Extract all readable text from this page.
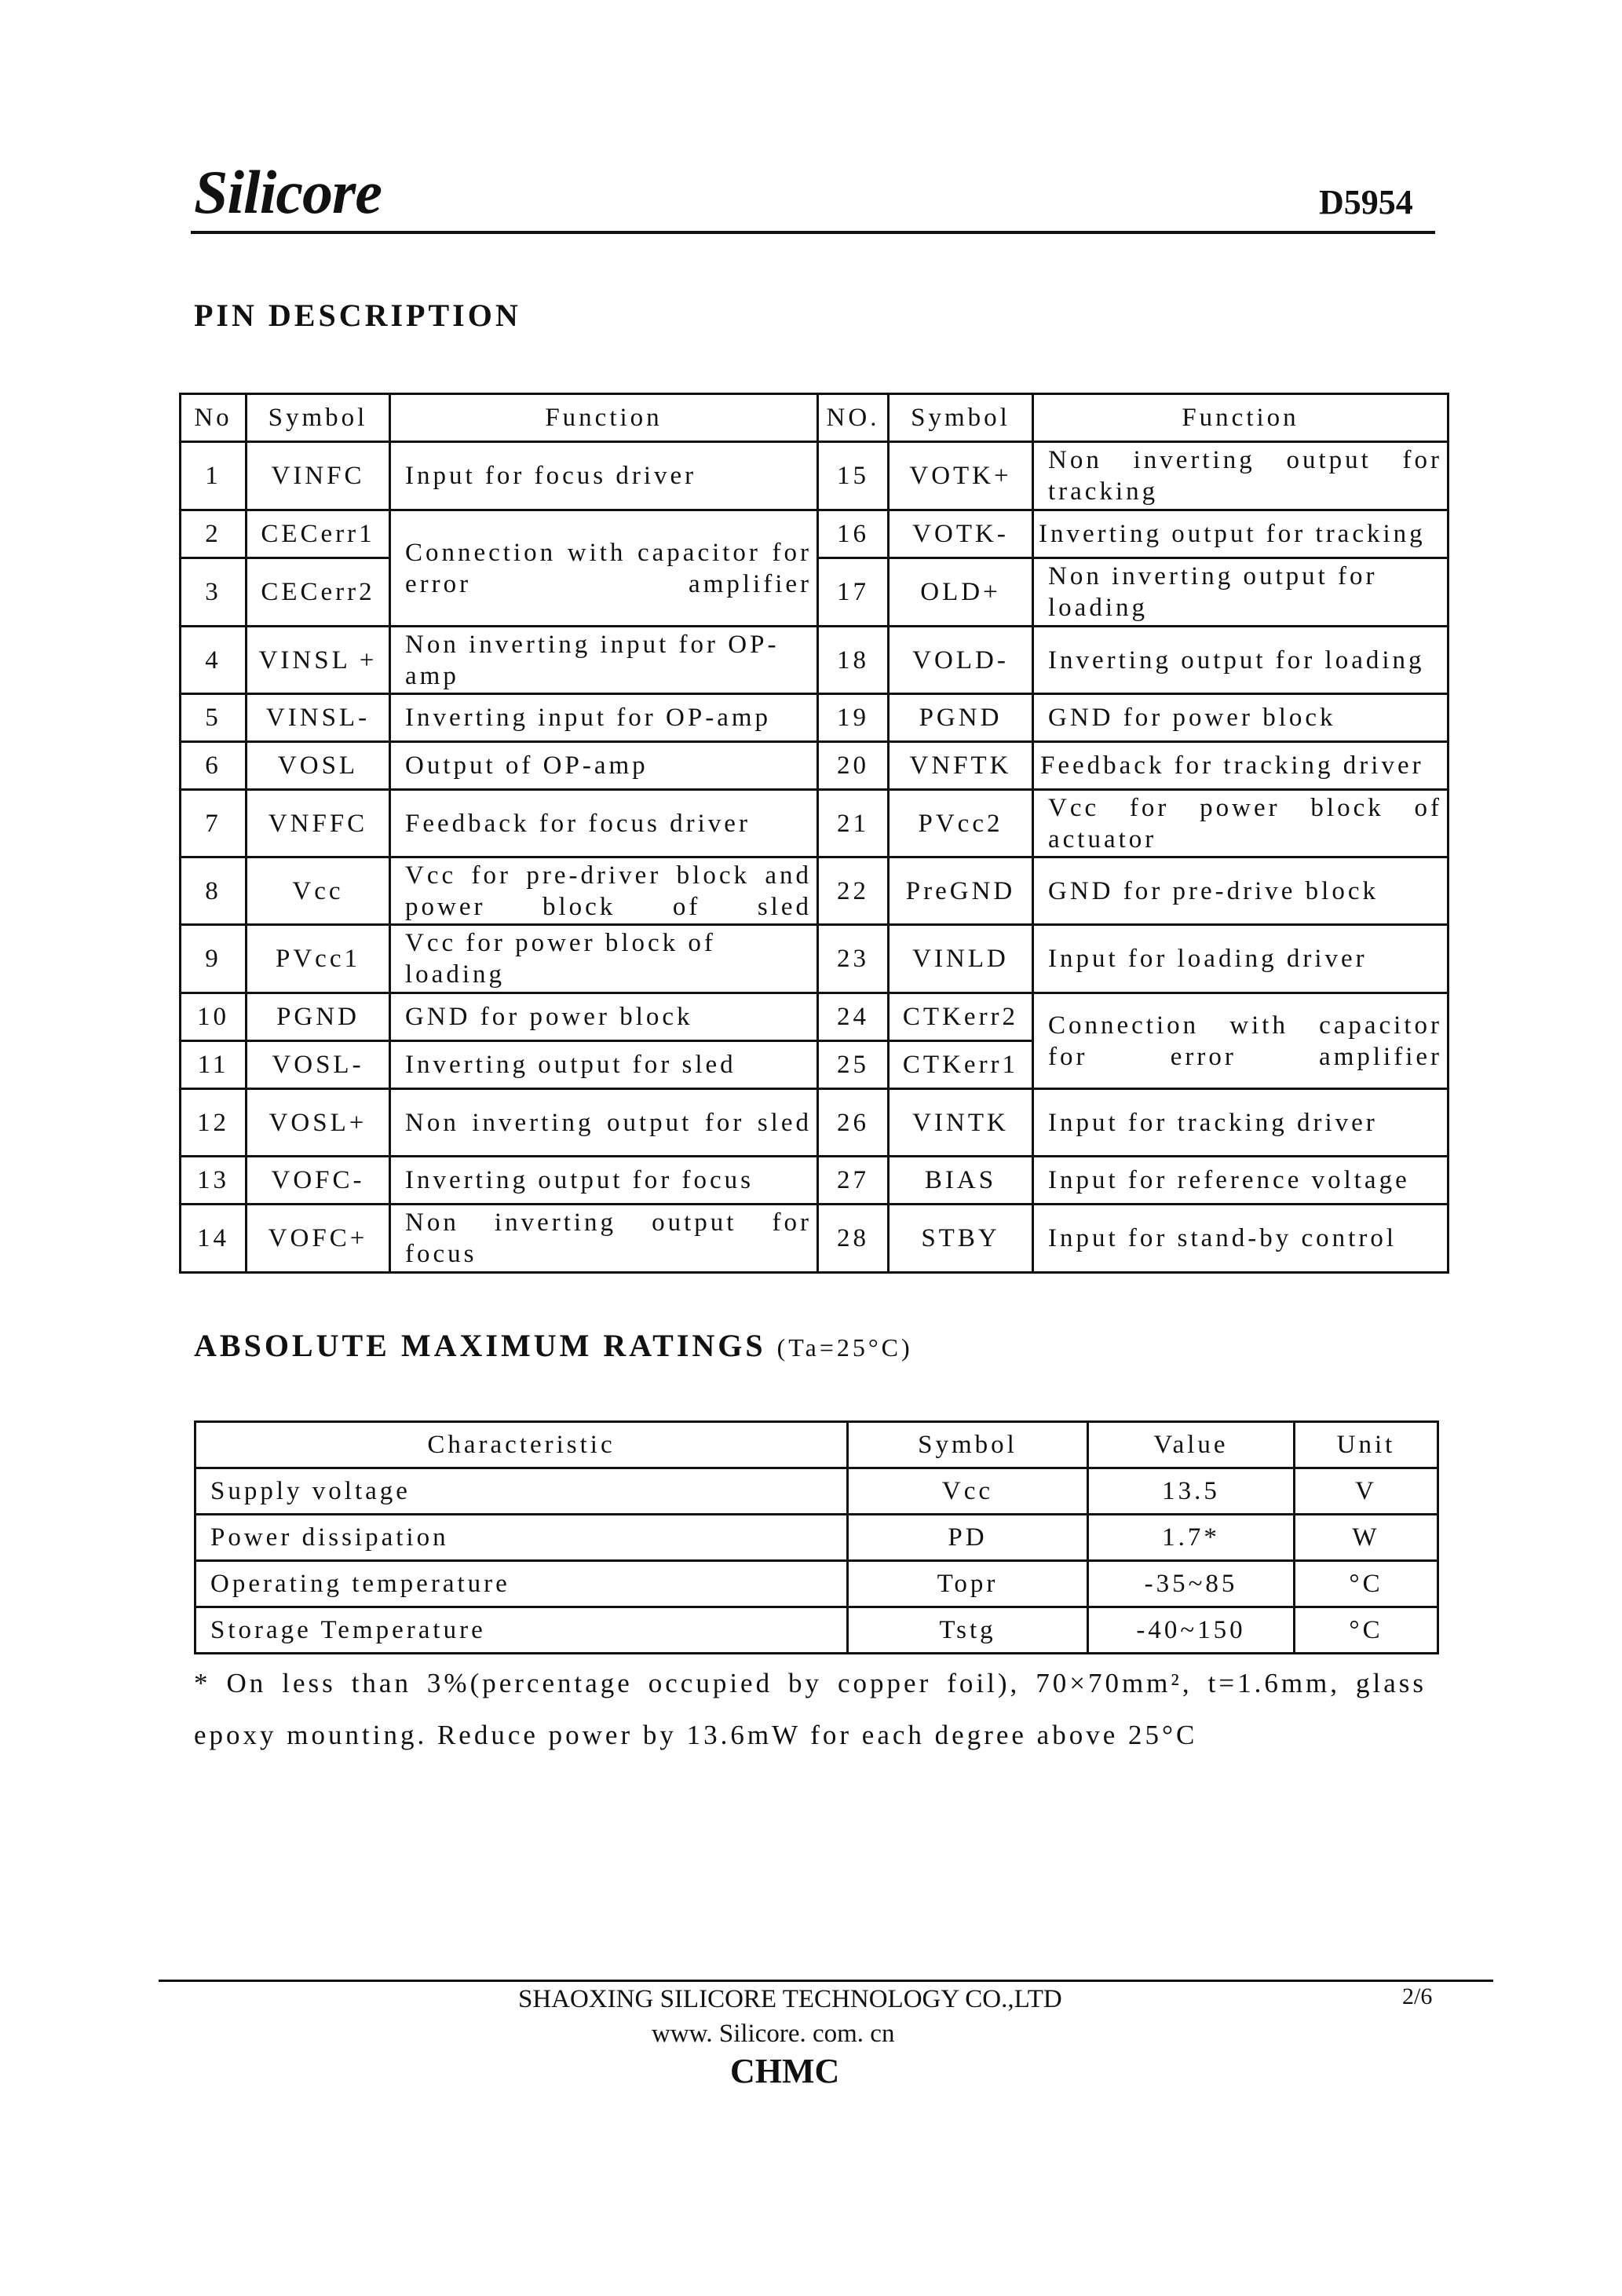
Silicore	D5954
PIN DESCRIPTION
No	Symbol	Function	NO.	Symbol	Function
1	VINFC	Input for focus driver	15	VOTK+	Non inverting output for tracking
2	CECerr1	Connection with capacitor for error amplifier	16	VOTK-	Inverting output for tracking
3	CECerr2		17	OLD+	Non inverting output for loading
4	VINSL +	Non inverting input for OP-amp	18	VOLD-	Inverting output for loading
5	VINSL-	Inverting input for OP-amp	19	PGND	GND for power block
6	VOSL	Output of OP-amp	20	VNFTK	Feedback for tracking driver
7	VNFFC	Feedback for focus driver	21	PVcc2	Vcc for power block of actuator
8	Vcc	Vcc for pre-driver block and power block of sled	22	PreGND	GND for pre-drive block
9	PVcc1	Vcc for power block of loading	23	VINLD	Input for loading driver
10	PGND	GND for power block	24	CTKerr2	Connection with capacitor for error amplifier
11	VOSL-	Inverting output for sled	25	CTKerr1	
12	VOSL+	Non inverting output for sled	26	VINTK	Input for tracking driver
13	VOFC-	Inverting output for focus	27	BIAS	Input for reference voltage
14	VOFC+	Non inverting output for focus	28	STBY	Input for stand-by control
ABSOLUTE MAXIMUM RATINGS (Ta=25°C)
Characteristic	Symbol	Value	Unit
Supply voltage	Vcc	13.5	V
Power dissipation	PD	1.7*	W
Operating temperature	Topr	-35~85	°C
Storage Temperature	Tstg	-40~150	°C
* On less than 3%(percentage occupied by copper foil), 70×70mm², t=1.6mm, glass
epoxy mounting. Reduce power by 13.6mW for each degree above 25°C
SHAOXING SILICORE TECHNOLOGY CO.,LTD	2/6
www. Silicore. com. cn
CHMC
